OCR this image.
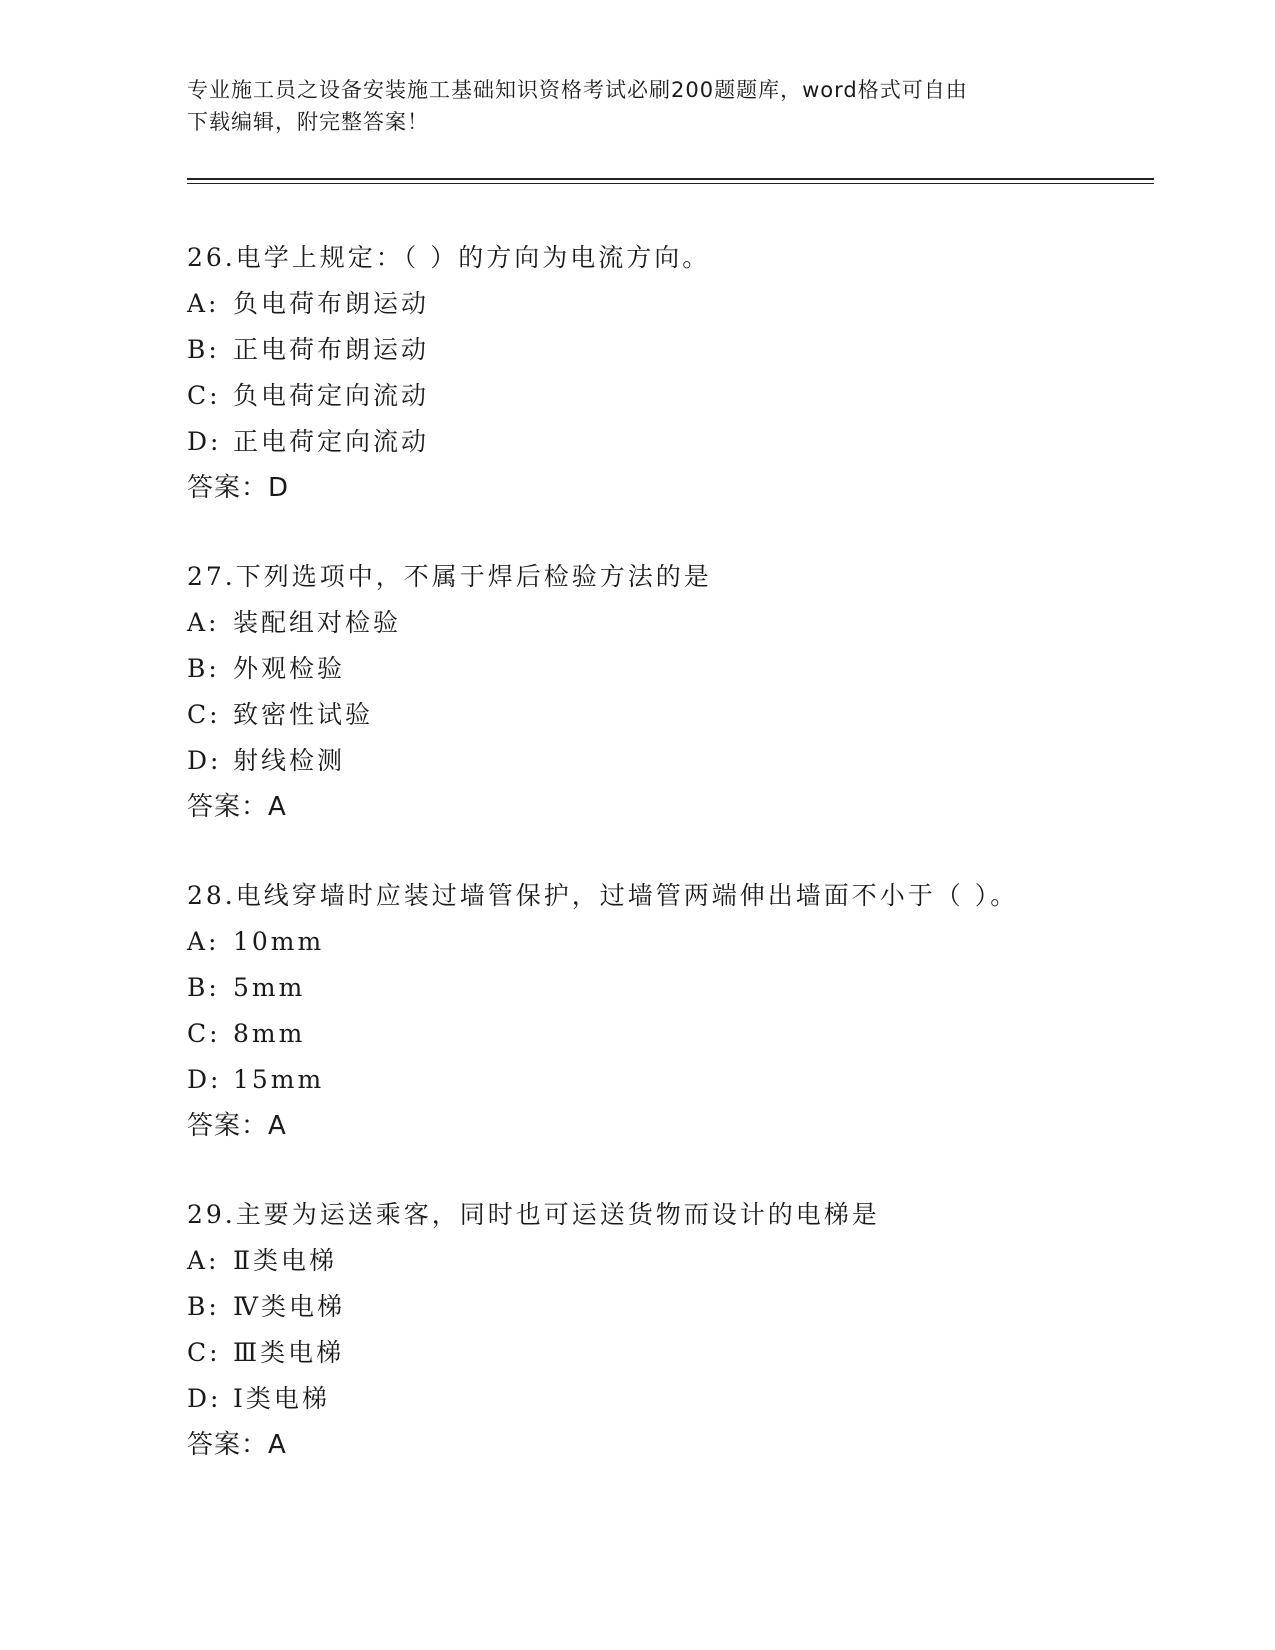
专业施工员之设备安装施工基础知识资格考试必刷200题题库，word格式可自由
下载编辑，附完整答案！
26.电学上规定：（ ）的方向为电流方向。
A: 负电荷布朗运动
B: 正电荷布朗运动
C: 负电荷定向流动
D: 正电荷定向流动
答案：D
27.下列选项中，不属于焊后检验方法的是
A: 装配组对检验
B: 外观检验
C: 致密性试验
D: 射线检测
答案：A
28.电线穿墙时应装过墙管保护，过墙管两端伸出墙面不小于（ ）。
A: 10mm
B: 5mm
C: 8mm
D: 15mm
答案：A
29.主要为运送乘客，同时也可运送货物而设计的电梯是
A: Ⅱ类电梯
B: Ⅳ类电梯
C: Ⅲ类电梯
D: Ⅰ类电梯
答案：A
